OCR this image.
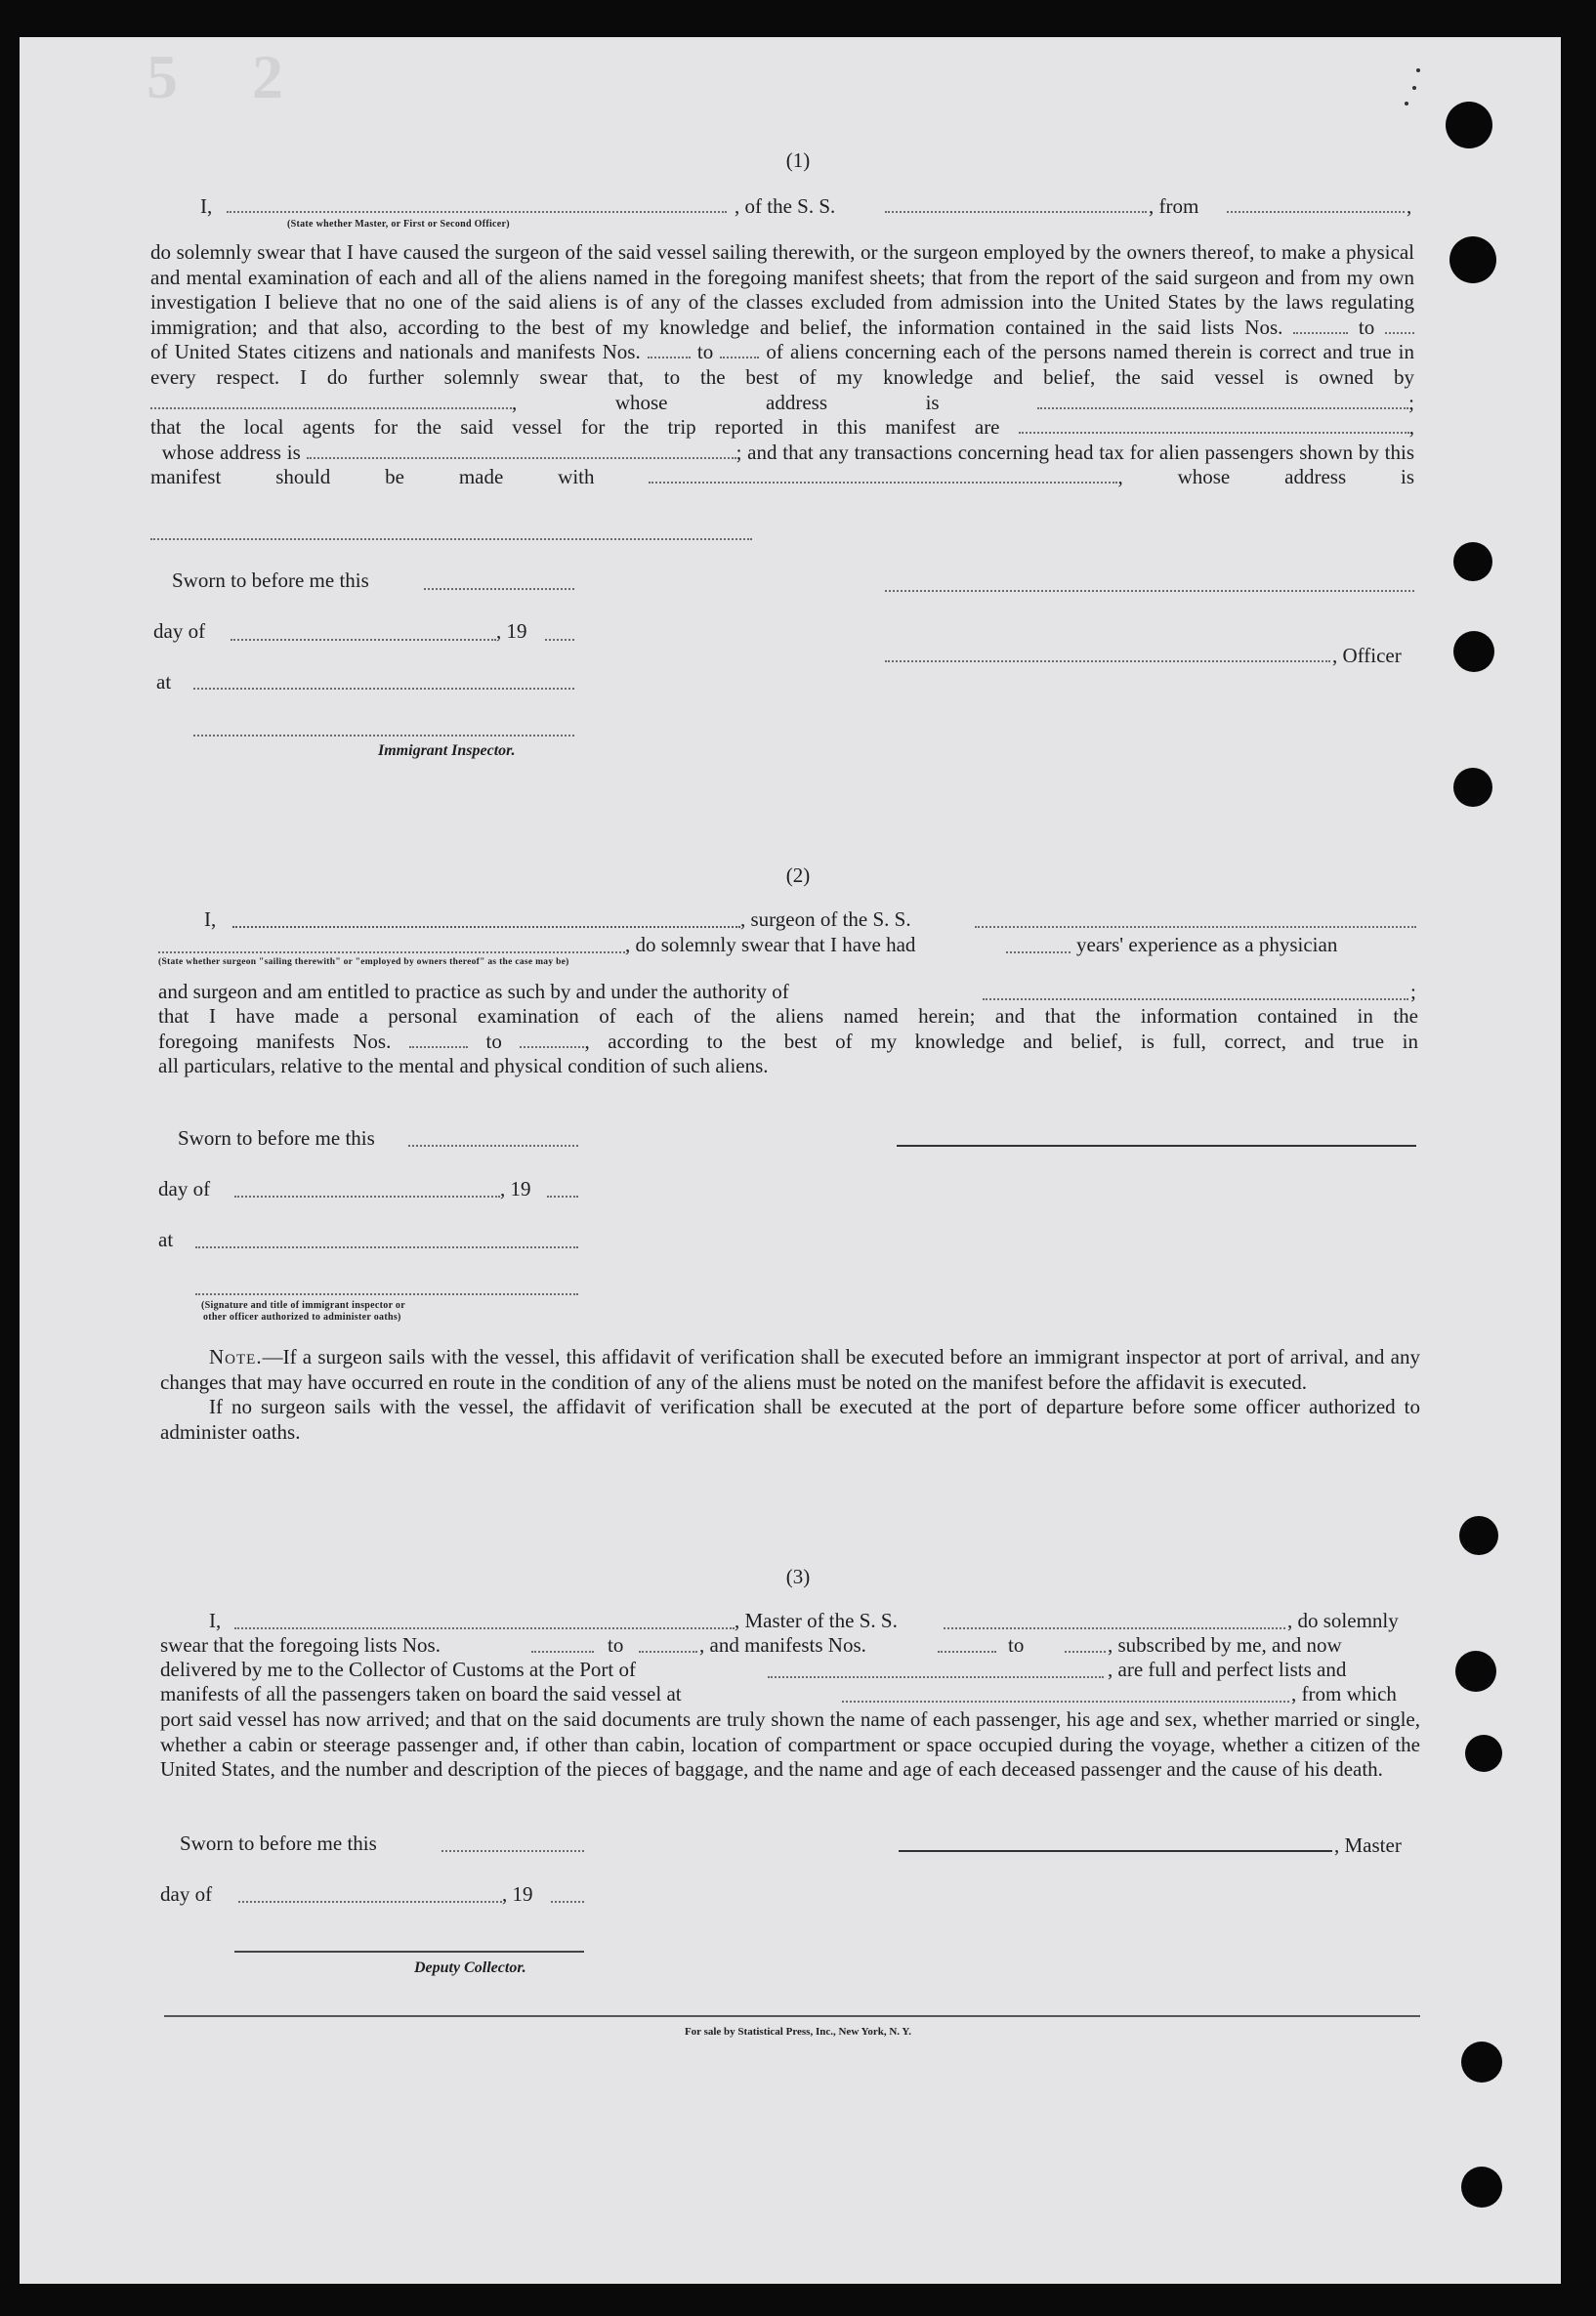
5 2
(1)
I,	, of the S. S.	, from	,
(State whether Master, or First or Second Officer)

do solemnly swear that I have caused the surgeon of the said vessel sailing therewith, or the surgeon employed by the owners thereof, to make a physical and mental examination of each and all of the aliens named in the foregoing manifest sheets; that from the report of the said surgeon and from my own investigation I believe that no one of the said aliens is of any of the classes excluded from admission into the United States by the laws regulating immigration; and that also, according to the best of my knowledge and belief, the information contained in the said lists Nos.	to

of United States citizens and nationals and manifests Nos.	to	of aliens concerning each of the persons named therein is correct and true in every respect. I do further solemnly swear that, to the best of my knowledge and belief, the said vessel is owned by , whose address is	;

that the local agents for the said vessel for the trip reported in this manifest are	,

whose address is	; and that any transactions concerning head tax for alien passengers shown by this manifest should be made with	, whose address is

Sworn to before me this
day of	, 19
, Officer
at
Immigrant Inspector.
(2)
I,	, surgeon of the S. S.
, do solemnly swear that I have had	years' experience as a physician
(State whether surgeon "sailing therewith" or "employed by owners thereof" as the case may be)
and surgeon and am entitled to practice as such by and under the authority of	;

that I have made a personal examination of each of the aliens named herein; and that the information contained in the

foregoing manifests Nos.	to	, according to the best of my knowledge and belief, is full, correct, and true in

all particulars, relative to the mental and physical condition of such aliens.

Sworn to before me this
day of	, 19
at
(Signature and title of immigrant inspector or
other officer authorized to administer oaths)

Note.—If a surgeon sails with the vessel, this affidavit of verification shall be executed before an immigrant inspector at port of arrival, and any changes that may have occurred en route in the condition of any of the aliens must be noted on the manifest before the affidavit is executed.

If no surgeon sails with the vessel, the affidavit of verification shall be executed at the port of departure before some officer authorized to administer oaths.

(3)
I,	, Master of the S. S.	, do solemnly
swear that the foregoing lists Nos.	to	, and manifests Nos.	to	, subscribed by me, and now
delivered by me to the Collector of Customs at the Port of	, are full and perfect lists and
manifests of all the passengers taken on board the said vessel at	, from which

port said vessel has now arrived; and that on the said documents are truly shown the name of each passenger, his age and sex, whether married or single, whether a cabin or steerage passenger and, if other than cabin, location of compartment or space occupied during the voyage, whether a citizen of the United States, and the number and description of the pieces of baggage, and the name and age of each deceased passenger and the cause of his death.

Sworn to before me this	, Master
day of	, 19
Deputy Collector.
For sale by Statistical Press, Inc., New York, N. Y.
